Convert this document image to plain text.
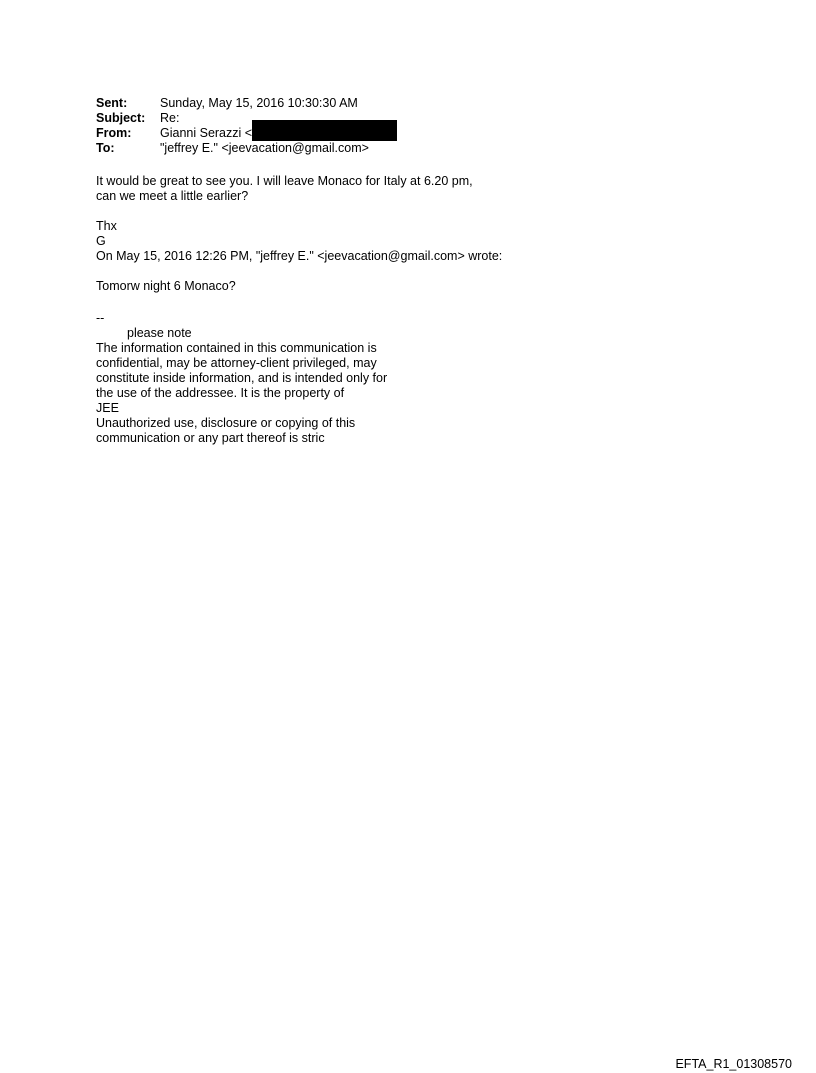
Sent:	Sunday, May 15, 2016 10:30:30 AM
Subject:	Re:
From:	Gianni Serazzi <
To:	"jeffrey E." <jeevacation@gmail.com>
It would be great to see you. I will leave Monaco for Italy at 6.20 pm,
can we meet a little earlier?
Thx
G
On May 15, 2016 12:26 PM, "jeffrey E." <jeevacation@gmail.com> wrote:
Tomorw night 6 Monaco?
--
please note
The information contained in this communication is
confidential, may be attorney-client privileged, may
constitute inside information, and is intended only for
the use of the addressee. It is the property of
JEE
Unauthorized use, disclosure or copying of this
communication or any part thereof is stric
EFTA_R1_01308570
